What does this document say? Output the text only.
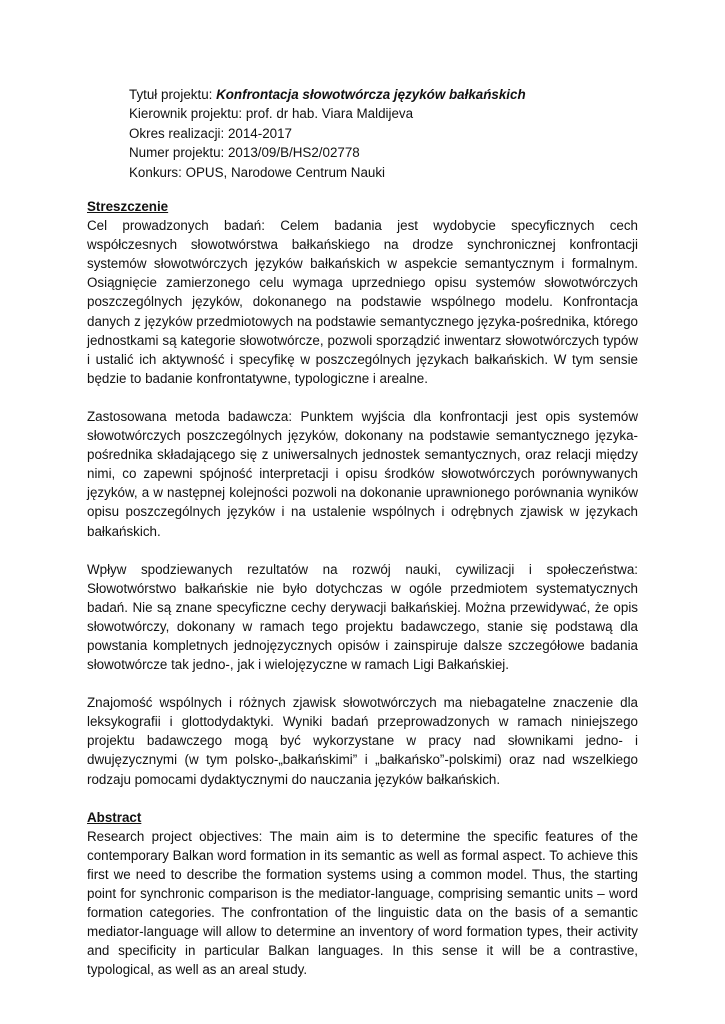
Tytuł projektu: Konfrontacja słowotwórcza języków bałkańskich
Kierownik projektu: prof. dr hab. Viara Maldijeva
Okres realizacji: 2014-2017
Numer projektu: 2013/09/B/HS2/02778
Konkurs: OPUS, Narodowe Centrum Nauki

Streszczenie

Cel prowadzonych badań: Celem badania jest wydobycie specyficznych cech współczesnych słowotwórstwa bałkańskiego na drodze synchronicznej konfrontacji systemów słowotwórczych języków bałkańskich w aspekcie semantycznym i formalnym. Osiągnięcie zamierzonego celu wymaga uprzedniego opisu systemów słowotwórczych poszczególnych języków, dokonanego na podstawie wspólnego modelu. Konfrontacja danych z języków przedmiotowych na podstawie semantycznego języka-pośrednika, którego jednostkami są kategorie słowotwórcze, pozwoli sporządzić inwentarz słowotwórczych typów i ustalić ich aktywność i specyfikę w poszczególnych językach bałkańskich. W tym sensie będzie to badanie konfrontatywne, typologiczne i arealne.

Zastosowana metoda badawcza: Punktem wyjścia dla konfrontacji jest opis systemów słowotwórczych poszczególnych języków, dokonany na podstawie semantycznego języka-pośrednika składającego się z uniwersalnych jednostek semantycznych, oraz relacji między nimi, co zapewni spójność interpretacji i opisu środków słowotwórczych porównywanych języków, a w następnej kolejności pozwoli na dokonanie uprawnionego porównania wyników opisu poszczególnych języków i na ustalenie wspólnych i odrębnych zjawisk w językach bałkańskich.

Wpływ spodziewanych rezultatów na rozwój nauki, cywilizacji i społeczeństwa: Słowotwórstwo bałkańskie nie było dotychczas w ogóle przedmiotem systematycznych badań. Nie są znane specyficzne cechy derywacji bałkańskiej. Można przewidywać, że opis słowotwórczy, dokonany w ramach tego projektu badawczego, stanie się podstawą dla powstania kompletnych jednojęzycznych opisów i zainspiruje dalsze szczegółowe badania słowotwórcze tak jedno-, jak i wielojęzyczne w ramach Ligi Bałkańskiej.

Znajomość wspólnych i różnych zjawisk słowotwórczych ma niebagatelne znaczenie dla leksykografii i glottodydaktyki. Wyniki badań przeprowadzonych w ramach niniejszego projektu badawczego mogą być wykorzystane w pracy nad słownikami jedno- i dwujęzycznymi (w tym polsko-„bałkańskimi” i „bałkańsko”-polskimi) oraz nad wszelkiego rodzaju pomocami dydaktycznymi do nauczania języków bałkańskich.

Abstract

Research project objectives: The main aim is to determine the specific features of the contemporary Balkan word formation in its semantic as well as formal aspect. To achieve this first we need to describe the formation systems using a common model. Thus, the starting point for synchronic comparison is the mediator-language, comprising semantic units – word formation categories. The confrontation of the linguistic data on the basis of a semantic mediator-language will allow to determine an inventory of word formation types, their activity and specificity in particular Balkan languages. In this sense it will be a contrastive, typological, as well as an areal study.
